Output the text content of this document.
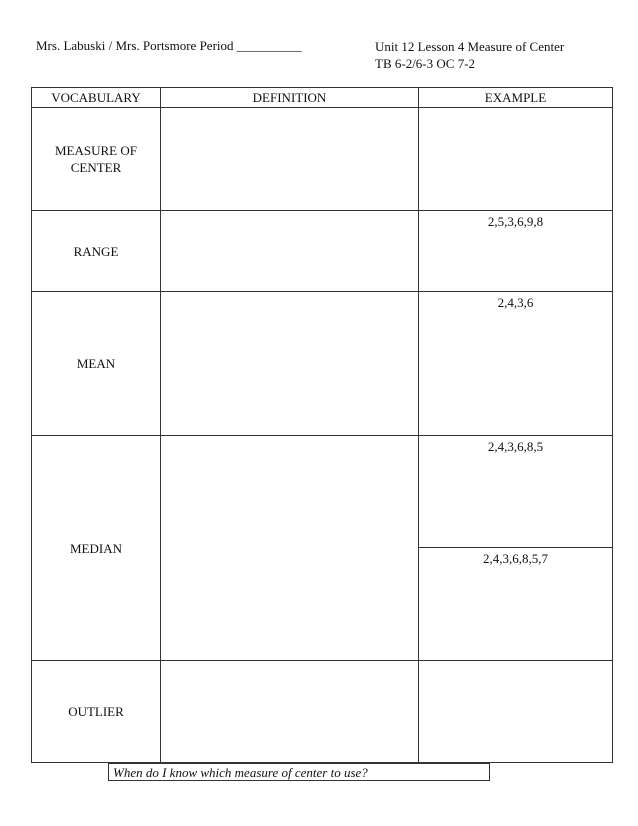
Mrs. Labuski / Mrs. Portsmore Period __________	Unit 12 Lesson 4 Measure of Center
TB 6-2/6-3 OC 7-2
VOCABULARY	DEFINITION	EXAMPLE
MEASURE OF
CENTER		
RANGE		2,5,3,6,9,8

MEAN		2,4,3,6

MEDIAN		2,4,3,6,8,5
2,4,3,6,8,5,7

OUTLIER		
When do I know which measure of center to use?
